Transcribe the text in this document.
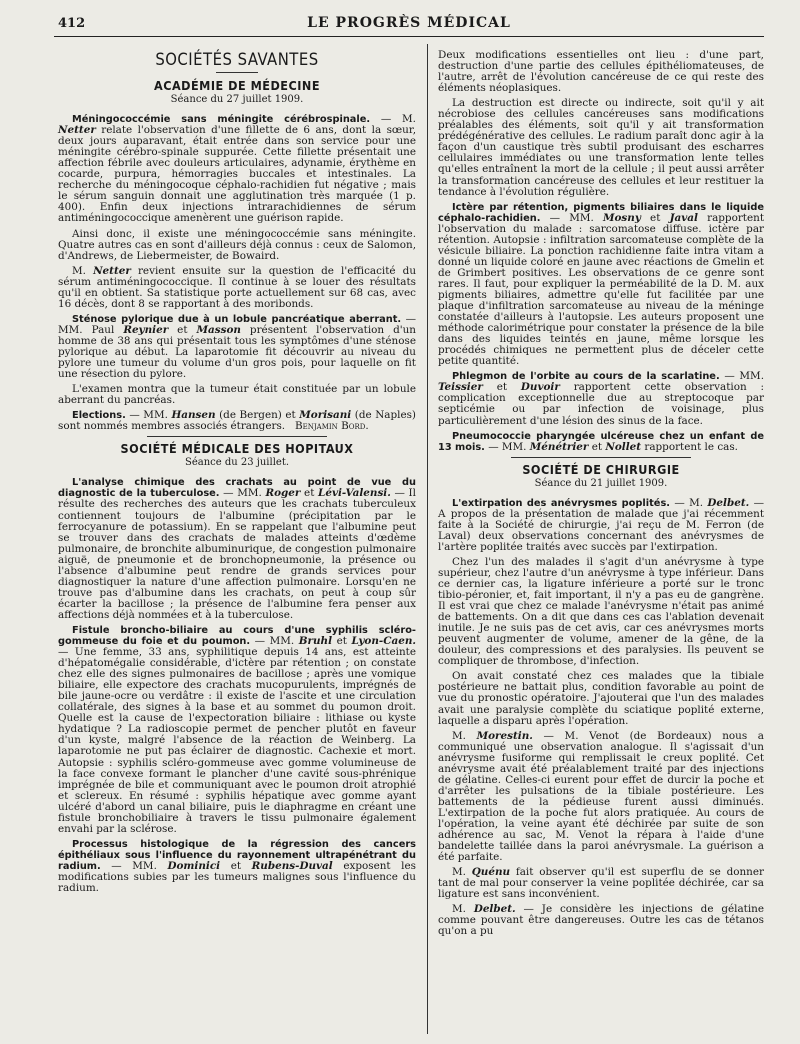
412	LE PROGRÈS MÉDICAL
SOCIÉTÉS SAVANTES
ACADÉMIE DE MÉDECINE
Séance du 27 juillet 1909.

Méningococcémie sans méningite cérébrospinale. — M. Netter relate l'observation d'une fillette de 6 ans, dont la sœur, deux jours auparavant, était entrée dans son service pour une méningite cérébro-spinale suppurée. Cette fillette présentait une affection fébrile avec douleurs articulaires, adynamie, érythème en cocarde, purpura, hémorragies buccales et intestinales. La recherche du méningocoque céphalo-rachidien fut négative ; mais le sérum sanguin donnait une agglutination très marquée (1 p. 400). Enfin deux injections intrarachidiennes de sérum antiméningococcique amenèrent une guérison rapide.

Ainsi donc, il existe une méningococcémie sans méningite. Quatre autres cas en sont d'ailleurs déjà connus : ceux de Salomon, d'Andrews, de Liebermeister, de Bowaird.

M. Netter revient ensuite sur la question de l'efficacité du sérum antiméningococcique. Il continue à se louer des résultats qu'il en obtient. Sa statistique porte actuellement sur 68 cas, avec 16 décès, dont 8 se rapportant à des moribonds.

Sténose pylorique due à un lobule pancréatique aberrant. — MM. Paul Reynier et Masson présentent l'observation d'un homme de 38 ans qui présentait tous les symptômes d'une sténose pylorique au début. La laparotomie fit découvrir au niveau du pylore une tumeur du volume d'un gros pois, pour laquelle on fit une résection du pylore.

L'examen montra que la tumeur était constituée par un lobule aberrant du pancréas.

Elections. — MM. Hansen (de Bergen) et Morisani (de Naples) sont nommés membres associés étrangers. Benjamin Bord.

SOCIÉTÉ MÉDICALE DES HOPITAUX
Séance du 23 juillet.

L'analyse chimique des crachats au point de vue du diagnostic de la tuberculose. — MM. Roger et Lévi-Valensi. — Il résulte des recherches des auteurs que les crachats tuberculeux contiennent toujours de l'albumine (précipitation par le ferrocyanure de potassium). En se rappelant que l'albumine peut se trouver dans des crachats de malades atteints d'œdème pulmonaire, de bronchite albuminurique, de congestion pulmonaire aiguë, de pneumonie et de bronchopneumonie, la présence ou l'absence d'albumine peut rendre de grands services pour diagnostiquer la nature d'une affection pulmonaire. Lorsqu'en ne trouve pas d'albumine dans les crachats, on peut à coup sûr écarter la bacillose ; la présence de l'albumine fera penser aux affections déjà nommées et à la tuberculose.

Fistule broncho-biliaire au cours d'une syphilis scléro-gommeuse du foie et du poumon. — MM. Bruhl et Lyon-Caen. — Une femme, 33 ans, syphilitique depuis 14 ans, est atteinte d'hépatomégalie considérable, d'ictère par rétention ; on constate chez elle des signes pulmonaires de bacillose ; après une vomique biliaire, elle expectore des crachats mucopurulents, imprégnés de bile jaune-ocre ou verdâtre : il existe de l'ascite et une circulation collatérale, des signes à la base et au sommet du poumon droit. Quelle est la cause de l'expectoration biliaire : lithiase ou kyste hydatique ? La radioscopie permet de pencher plutôt en faveur d'un kyste, malgré l'absence de la réaction de Weinberg. La laparotomie ne put pas éclairer de diagnostic. Cachexie et mort. Autopsie : syphilis scléro-gommeuse avec gomme volumineuse de la face convexe formant le plancher d'une cavité sous-phrénique imprégnée de bile et communiquant avec le poumon droit atrophié et sclereux. En résumé : syphilis hépatique avec gomme ayant ulcéré d'abord un canal biliaire, puis le diaphragme en créant une fistule bronchobiliaire à travers le tissu pulmonaire également envahi par la sclérose.

Processus histologique de la régression des cancers épithéliaux sous l'influence du rayonnement ultrapénétrant du radium. — MM. Dominici et Rubens-Duval exposent les modifications subies par les tumeurs malignes sous l'influence du radium.

Deux modifications essentielles ont lieu : d'une part, destruction d'une partie des cellules épithéliomateuses, de l'autre, arrêt de l'évolution cancéreuse de ce qui reste des éléments néoplasiques.

La destruction est directe ou indirecte, soit qu'il y ait nécrobiose des cellules cancéreuses sans modifications préalables des éléments, soit qu'il y ait transformation prédégénérative des cellules. Le radium paraît donc agir à la façon d'un caustique très subtil produisant des escharres cellulaires immédiates ou une transformation lente telles qu'elles entraînent la mort de la cellule ; il peut aussi arrêter la transformation cancéreuse des cellules et leur restituer la tendance à l'évolution régulière.

Ictère par rétention, pigments biliaires dans le liquide céphalo-rachidien. — MM. Mosny et Javal rapportent l'observation du malade : sarcomatose diffuse. ictère par rétention. Autopsie : infiltration sarcomateuse complète de la vésicule biliaire. La ponction rachidienne faite intra vitam a donné un liquide coloré en jaune avec réactions de Gmelin et de Grimbert positives. Les observations de ce genre sont rares. Il faut, pour expliquer la perméabilité de la D. M. aux pigments biliaires, admettre qu'elle fut facilitée par une plaque d'infiltration sarcomateuse au niveau de la méninge constatée d'ailleurs à l'autopsie. Les auteurs proposent une méthode calorimétrique pour constater la présence de la bile dans des liquides teintés en jaune, même lorsque les procédés chimiques ne permettent plus de déceler cette petite quantité.

Phlegmon de l'orbite au cours de la scarlatine. — MM. Teissier et Duvoir rapportent cette observation : complication exceptionnelle due au streptocoque par septicémie ou par infection de voisinage, plus particulièrement d'une lésion des sinus de la face.

Pneumococcie pharyngée ulcéreuse chez un enfant de 13 mois. — MM. Ménétrier et Nollet rapportent le cas.

SOCIÉTÉ DE CHIRURGIE
Séance du 21 juillet 1909.

L'extirpation des anévrysmes poplités. — M. Delbet. — A propos de la présentation de malade que j'ai récemment faite à la Société de chirurgie, j'ai reçu de M. Ferron (de Laval) deux observations concernant des anévrysmes de l'artère poplitée traités avec succès par l'extirpation.

Chez l'un des malades il s'agit d'un anévrysme à type supérieur, chez l'autre d'un anévrysme à type inférieur. Dans ce dernier cas, la ligature inférieure a porté sur le tronc tibio-péronier, et, fait important, il n'y a pas eu de gangrène. Il est vrai que chez ce malade l'anévrysme n'était pas animé de battements. On a dit que dans ces cas l'ablation devenait inutile. Je ne suis pas de cet avis, car ces anévrysmes morts peuvent augmenter de volume, amener de la gêne, de la douleur, des compressions et des paralysies. Ils peuvent se compliquer de thrombose, d'infection.

On avait constaté chez ces malades que la tibiale postérieure ne battait plus, condition favorable au point de vue du pronostic opératoire. J'ajouterai que l'un des malades avait une paralysie complète du sciatique poplité externe, laquelle a disparu après l'opération.

M. Morestin. — M. Venot (de Bordeaux) nous a communiqué une observation analogue. Il s'agissait d'un anévrysme fusiforme qui remplissait le creux poplité. Cet anévrysme avait été préalablement traité par des injections de gélatine. Celles-ci eurent pour effet de durcir la poche et d'arrêter les pulsations de la tibiale postérieure. Les battements de la pédieuse furent aussi diminués. L'extirpation de la poche fut alors pratiquée. Au cours de l'opération, la veine ayant été déchirée par suite de son adhérence au sac, M. Venot la répara à l'aide d'une bandelette taillée dans la paroi anévrysmale. La guérison a été parfaite.

M. Quénu fait observer qu'il est superflu de se donner tant de mal pour conserver la veine poplitée déchirée, car sa ligature est sans inconvénient.

M. Delbet. — Je considère les injections de gélatine comme pouvant être dangereuses. Outre les cas de tétanos qu'on a pu
